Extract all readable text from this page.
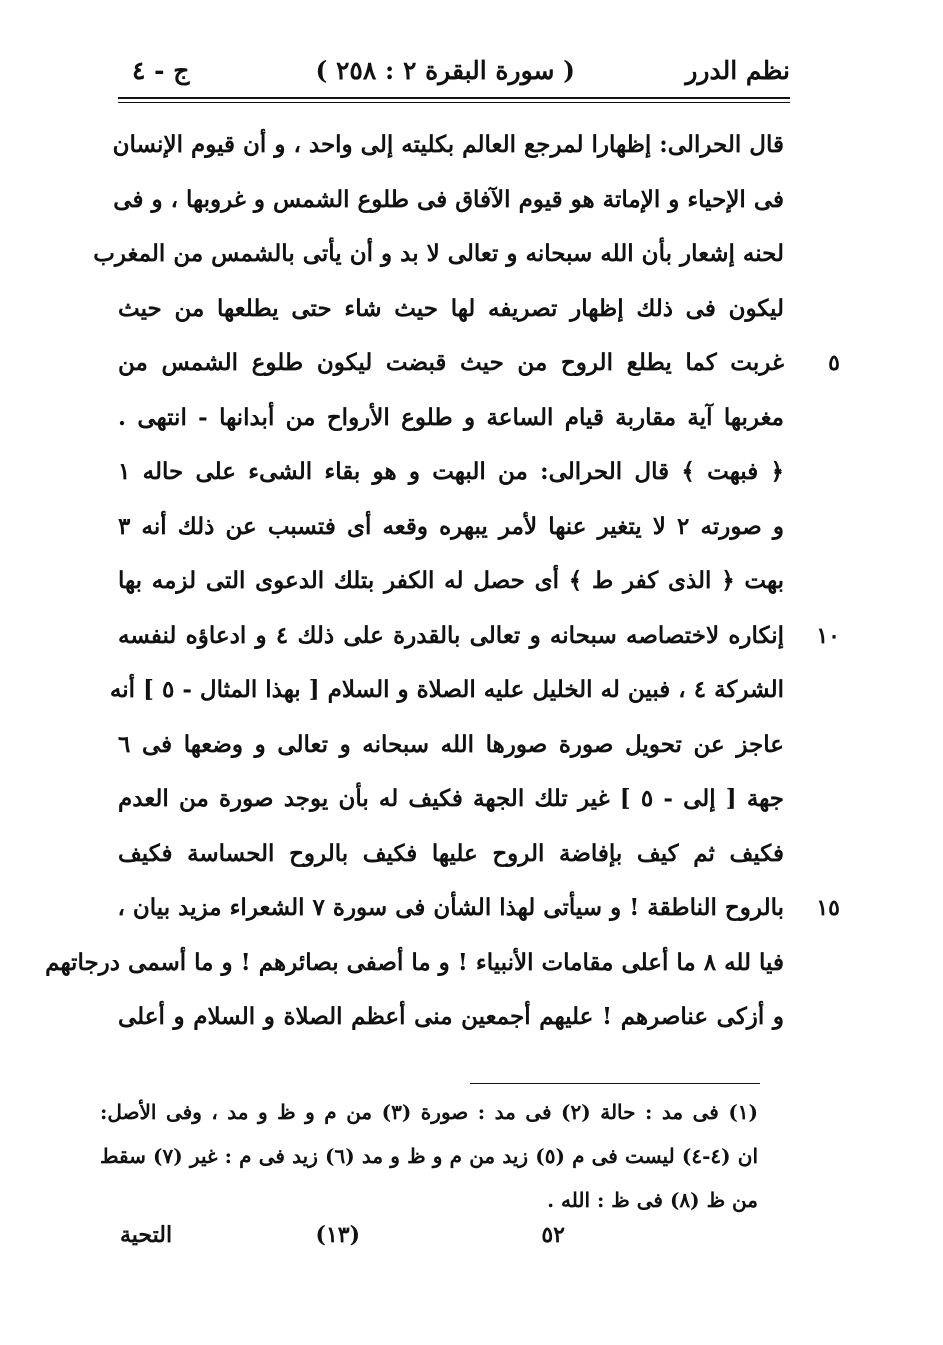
نظم الدرر
( سورة البقرة ٢ : ٢٥٨ )
ج - ٤
قال الحرالى: إظهارا لمرجع العالم بكليته إلى واحد ، و أن قيوم الإنسان
فى الإحياء و الإماتة هو قيوم الآفاق فى طلوع الشمس و غروبها ، و فى
لحنه إشعار بأن الله سبحانه و تعالى لا بد و أن يأتى بالشمس من المغرب
ليكون فى ذلك إظهار تصريفه لها حيث شاء حتى يطلعها من حيث
٥
غربت كما يطلع الروح من حيث قبضت ليكون طلوع الشمس من
مغربها آية مقاربة قيام الساعة و طلوع الأرواح من أبدانها - انتهى .
﴿ فبهت ﴾ قال الحرالى: من البهت و هو بقاء الشىء على حاله ١
و صورته ٢ لا يتغير عنها لأمر يبهره وقعه أى فتسبب عن ذلك أنه ٣
بهت ﴿ الذى كفر ط ﴾ أى حصل له الكفر بتلك الدعوى التى لزمه بها
١٠
إنكاره لاختصاصه سبحانه و تعالى بالقدرة على ذلك ٤ و ادعاؤه لنفسه
الشركة ٤ ، فبين له الخليل عليه الصلاة و السلام [ بهذا المثال - ٥ ] أنه
عاجز عن تحويل صورة صورها الله سبحانه و تعالى و وضعها فى ٦
جهة [ إلى - ٥ ] غير تلك الجهة فكيف له بأن يوجد صورة من العدم
فكيف ثم كيف بإفاضة الروح عليها فكيف بالروح الحساسة فكيف
١٥
بالروح الناطقة ! و سيأتى لهذا الشأن فى سورة ٧ الشعراء مزيد بيان ،
فيا لله ٨ ما أعلى مقامات الأنبياء ! و ما أصفى بصائرهم ! و ما أسمى درجاتهم
و أزكى عناصرهم ! عليهم أجمعين منى أعظم الصلاة و السلام و أعلى
(١) فى مد : حالة (٢) فى مد : صورة (٣) من م و ظ و مد ، وفى الأصل:
ان (٤-٤) ليست فى م (٥) زيد من م و ظ و مد (٦) زيد فى م : غير (٧) سقط
من ظ (٨) فى ظ : الله .
٥٢
(١٣)
التحية
